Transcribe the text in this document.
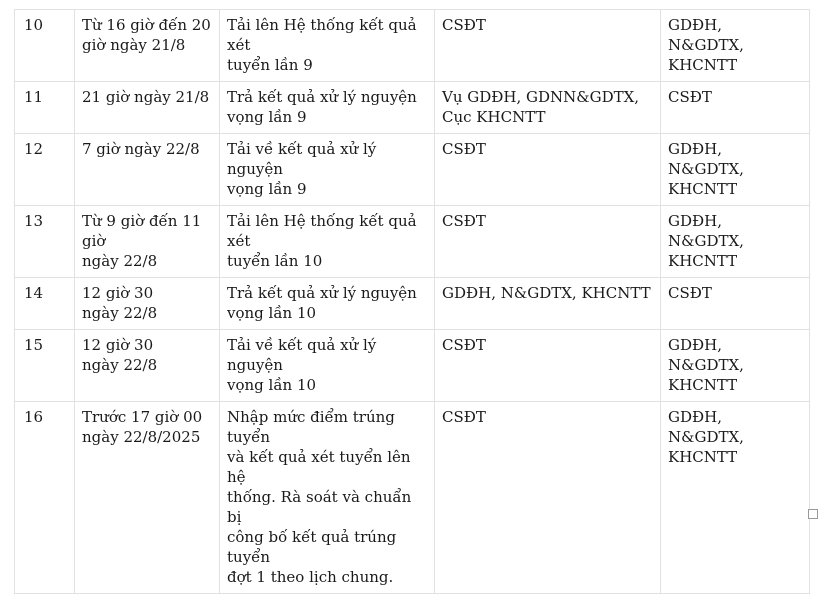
10	Từ 16 giờ đến 20
giờ ngày 21/8	Tải lên Hệ thống kết quả xét
tuyển lần 9	CSĐT	GDĐH,
N&GDTX,
KHCNTT
11	21 giờ ngày 21/8	Trả kết quả xử lý nguyện
vọng lần 9	Vụ GDĐH, GDNN&GDTX,
Cục KHCNTT	CSĐT
12	7 giờ ngày 22/8	Tải về kết quả xử lý nguyện
vọng lần 9	CSĐT	GDĐH,
N&GDTX,
KHCNTT
13	Từ 9 giờ đến 11
giờ
ngày 22/8	Tải lên Hệ thống kết quả xét
tuyển lần 10	CSĐT	GDĐH,
N&GDTX,
KHCNTT
14	12 giờ 30
ngày 22/8	Trả kết quả xử lý nguyện
vọng lần 10	GDĐH, N&GDTX, KHCNTT	CSĐT
15	12 giờ 30
ngày 22/8	Tải về kết quả xử lý nguyện
vọng lần 10	CSĐT	GDĐH,
N&GDTX,
KHCNTT
16	Trước 17 giờ 00
ngày 22/8/2025	Nhập mức điểm trúng tuyển
và kết quả xét tuyển lên hệ
thống. Rà soát và chuẩn bị
công bố kết quả trúng tuyển
đợt 1 theo lịch chung.	CSĐT	GDĐH,
N&GDTX,
KHCNTT
